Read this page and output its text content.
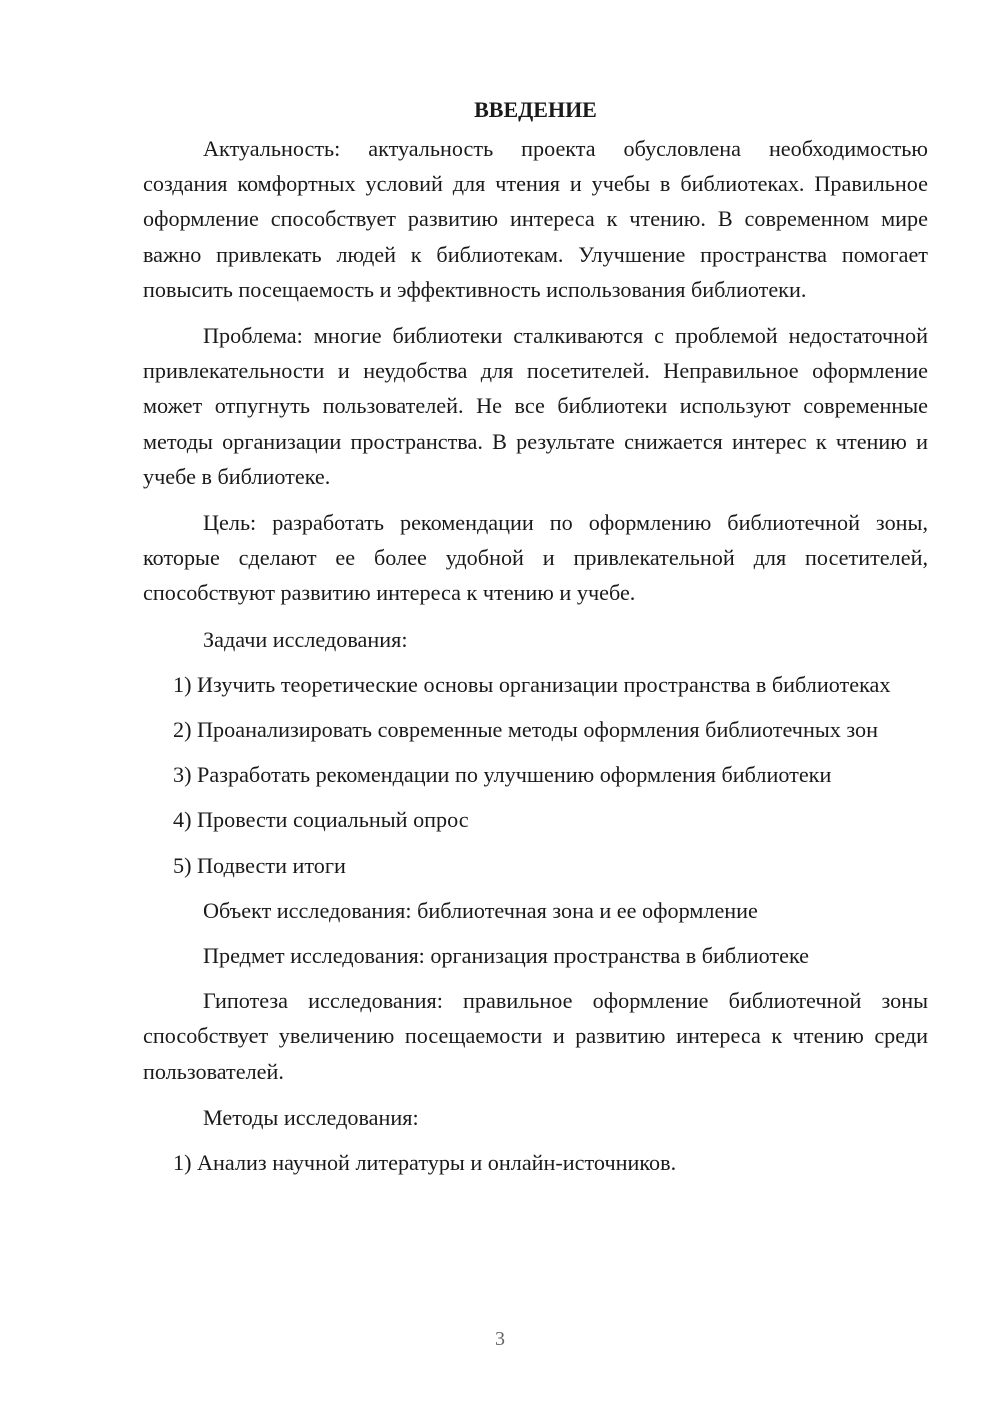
ВВЕДЕНИЕ

Актуальность: актуальность проекта обусловлена необходимостью создания комфортных условий для чтения и учебы в библиотеках. Правильное оформление способствует развитию интереса к чтению. В современном мире важно привлекать людей к библиотекам. Улучшение пространства помогает повысить посещаемость и эффективность использования библиотеки.

Проблема: многие библиотеки сталкиваются с проблемой недостаточной привлекательности и неудобства для посетителей. Неправильное оформление может отпугнуть пользователей. Не все библиотеки используют современные методы организации пространства. В результате снижается интерес к чтению и учебе в библиотеке.

Цель: разработать рекомендации по оформлению библиотечной зоны, которые сделают ее более удобной и привлекательной для посетителей, способствуют развитию интереса к чтению и учебе.

Задачи исследования:

1) Изучить теоретические основы организации пространства в библиотеках

2) Проанализировать современные методы оформления библиотечных зон

3) Разработать рекомендации по улучшению оформления библиотеки

4) Провести социальный опрос

5) Подвести итоги

Объект исследования: библиотечная зона и ее оформление

Предмет исследования: организация пространства в библиотеке

Гипотеза исследования: правильное оформление библиотечной зоны способствует увеличению посещаемости и развитию интереса к чтению среди пользователей.

Методы исследования:

1) Анализ научной литературы и онлайн-источников.

3
